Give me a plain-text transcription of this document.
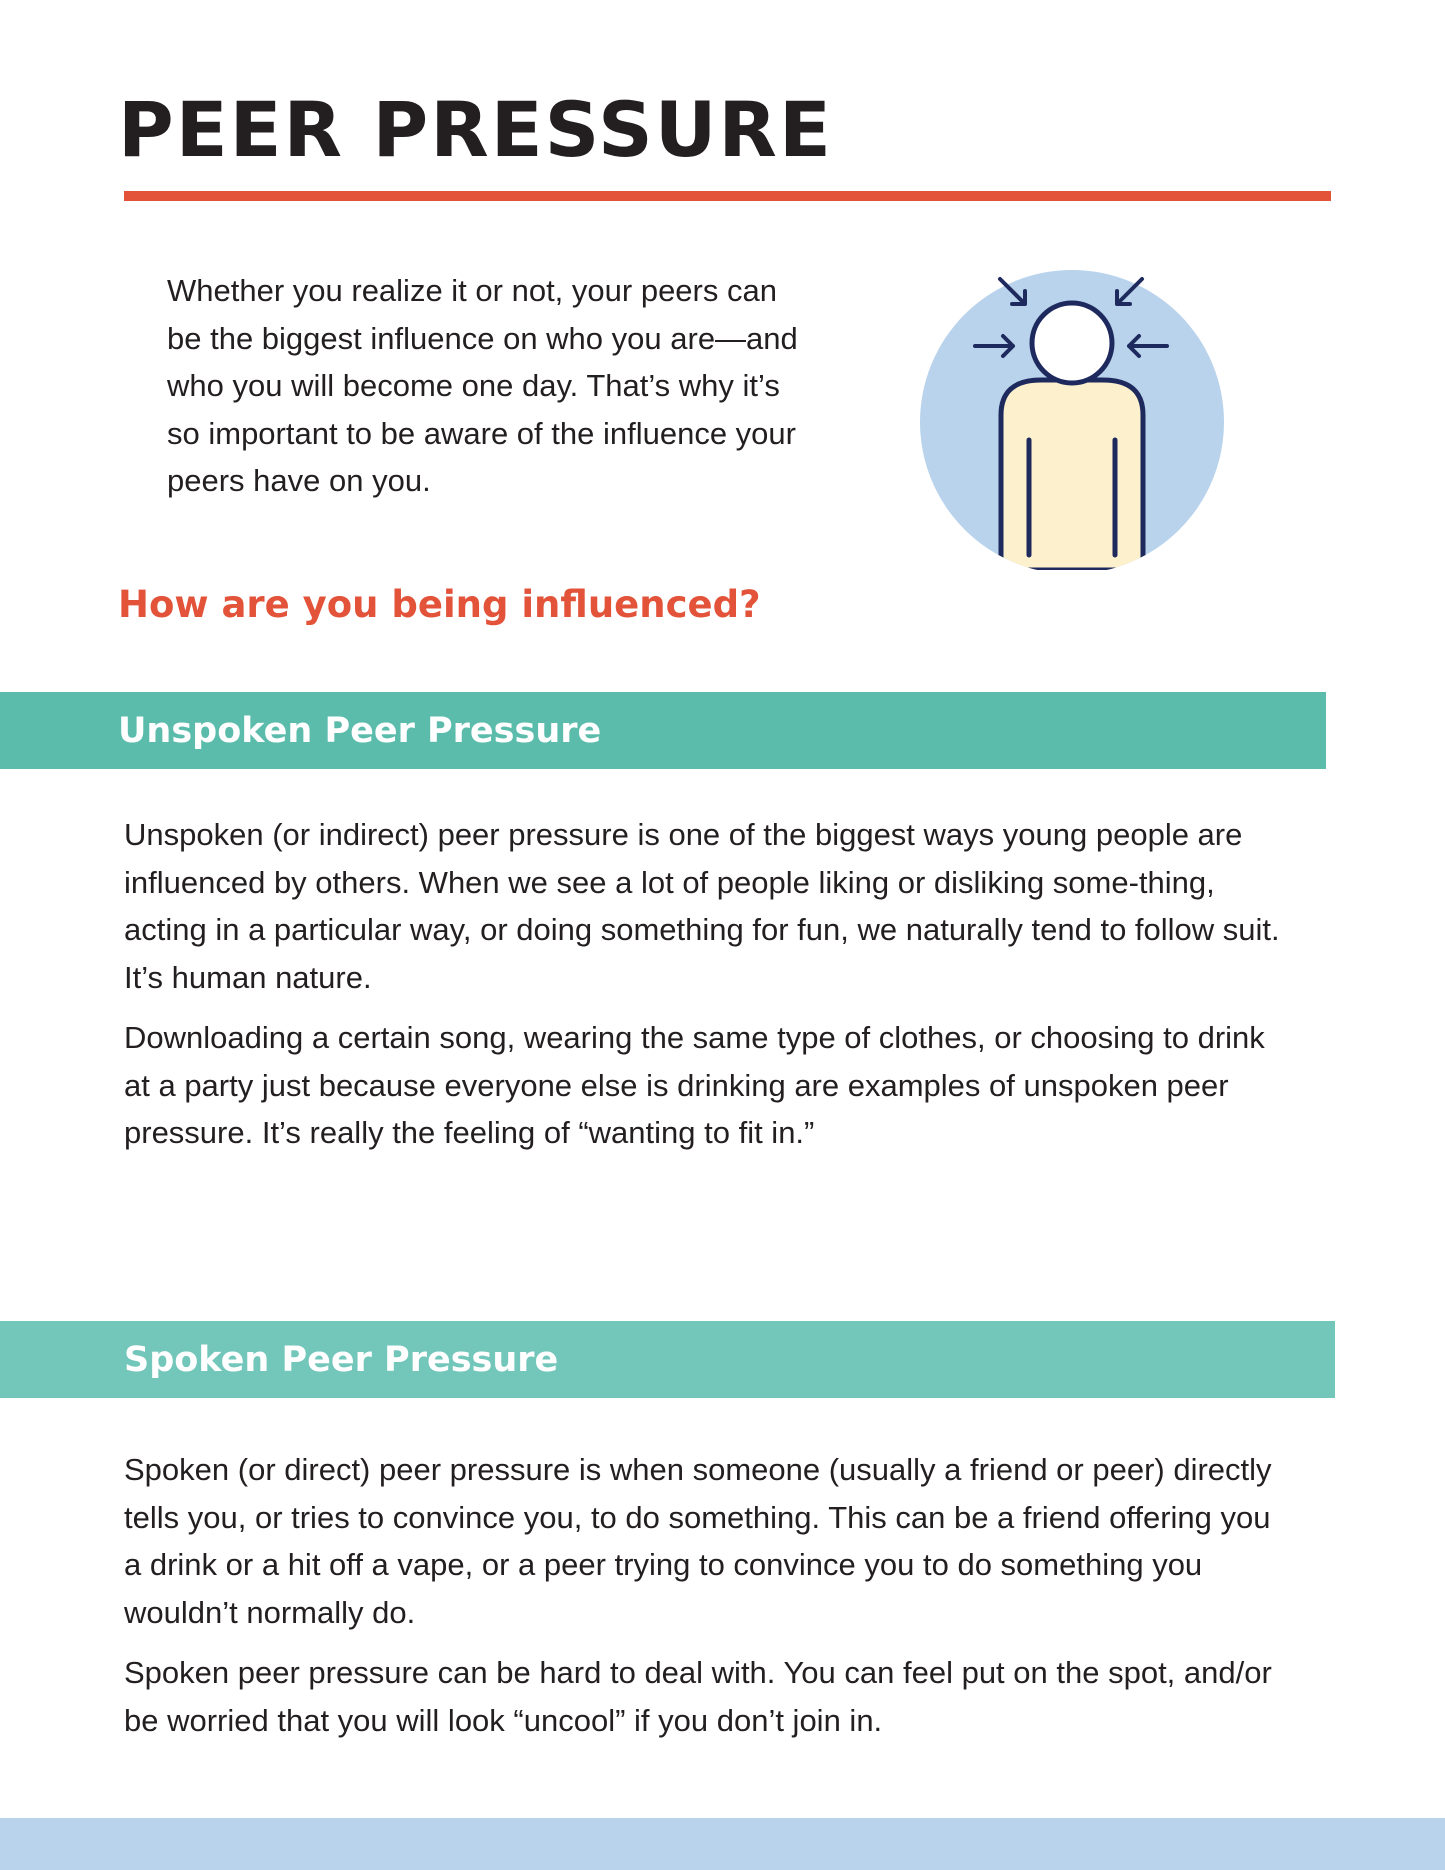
PEER PRESSURE

Whether you realize it or not, your peers can be the biggest influence on who you are—and who you will become one day. That’s why it’s so important to be aware of the influence your peers have on you.

How are you being influenced?
Unspoken Peer Pressure

Unspoken (or indirect) peer pressure is one of the biggest ways young people are influenced by others. When we see a lot of people liking or disliking some-thing, acting in a particular way, or doing something for fun, we naturally tend to follow suit. It’s human nature.

Downloading a certain song, wearing the same type of clothes, or choosing to drink at a party just because everyone else is drinking are examples of unspoken peer pressure. It’s really the feeling of “wanting to fit in.”

Spoken Peer Pressure

Spoken (or direct) peer pressure is when someone (usually a friend or peer) directly tells you, or tries to convince you, to do something. This can be a friend offering you a drink or a hit off a vape, or a peer trying to convince you to do something you wouldn’t normally do.

Spoken peer pressure can be hard to deal with. You can feel put on the spot, and/or be worried that you will look “uncool” if you don’t join in.
